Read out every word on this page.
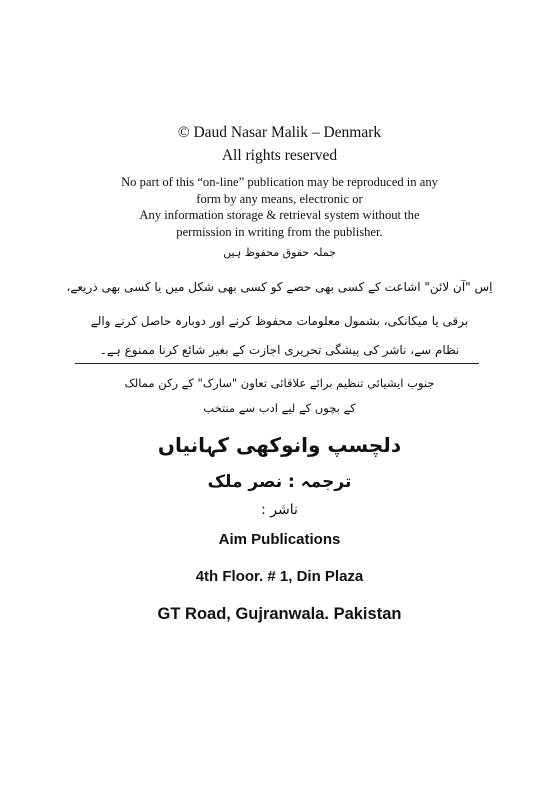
© Daud Nasar Malik – Denmark
All rights reserved
No part of this “on-line” publication may be reproduced in any
form by any means, electronic or
Any information storage & retrieval system without the
permission in writing from the publisher.
جملہ حقوق محفوظ ہیں
اِس "آن لائن" اشاعت کے کسی بھی حصے کو کسی بھی شکل میں یا کسی بھی ذریعے،
برقی یا میکانکی، بشمول معلومات محفوظ کرنے اور دوبارہ حاصل کرنے والے
نظام سے، ناشر کی پیشگی تحریری اجازت کے بغیر شائع کرنا ممنوع ہے۔
جنوب ایشیائی تنظیم برائے علاقائی تعاون "سارک" کے رکن ممالک
کے بچوں کے لیے ادب سے منتخب
دلچسپ وانوکھی کہانیاں
ترجمہ : نصر ملک
ناشر :
Aim Publications
4th Floor. # 1, Din Plaza
GT Road, Gujranwala. Pakistan
